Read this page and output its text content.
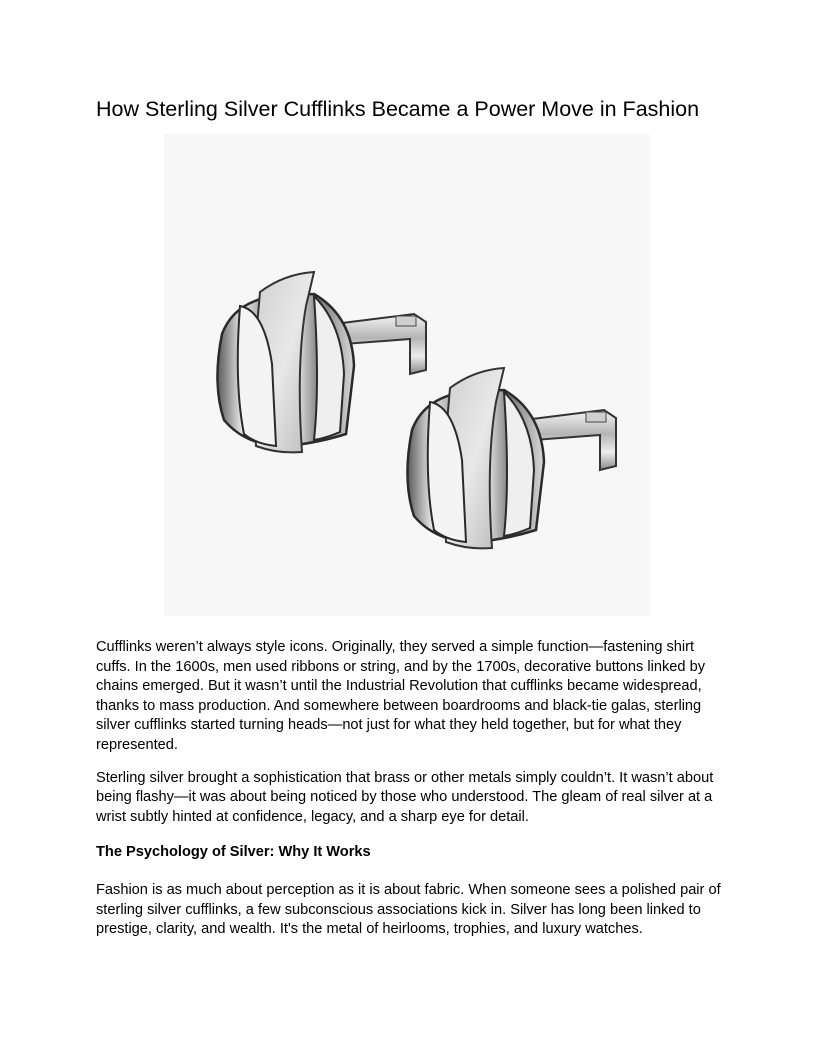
How Sterling Silver Cufflinks Became a Power Move in Fashion

Cufflinks weren’t always style icons. Originally, they served a simple function—fastening shirt cuffs. In the 1600s, men used ribbons or string, and by the 1700s, decorative buttons linked by chains emerged. But it wasn’t until the Industrial Revolution that cufflinks became widespread, thanks to mass production. And somewhere between boardrooms and black-tie galas, sterling silver cufflinks started turning heads—not just for what they held together, but for what they represented.

Sterling silver brought a sophistication that brass or other metals simply couldn’t. It wasn’t about being flashy—it was about being noticed by those who understood. The gleam of real silver at a wrist subtly hinted at confidence, legacy, and a sharp eye for detail.

The Psychology of Silver: Why It Works

Fashion is as much about perception as it is about fabric. When someone sees a polished pair of sterling silver cufflinks, a few subconscious associations kick in. Silver has long been linked to prestige, clarity, and wealth. It's the metal of heirlooms, trophies, and luxury watches.
